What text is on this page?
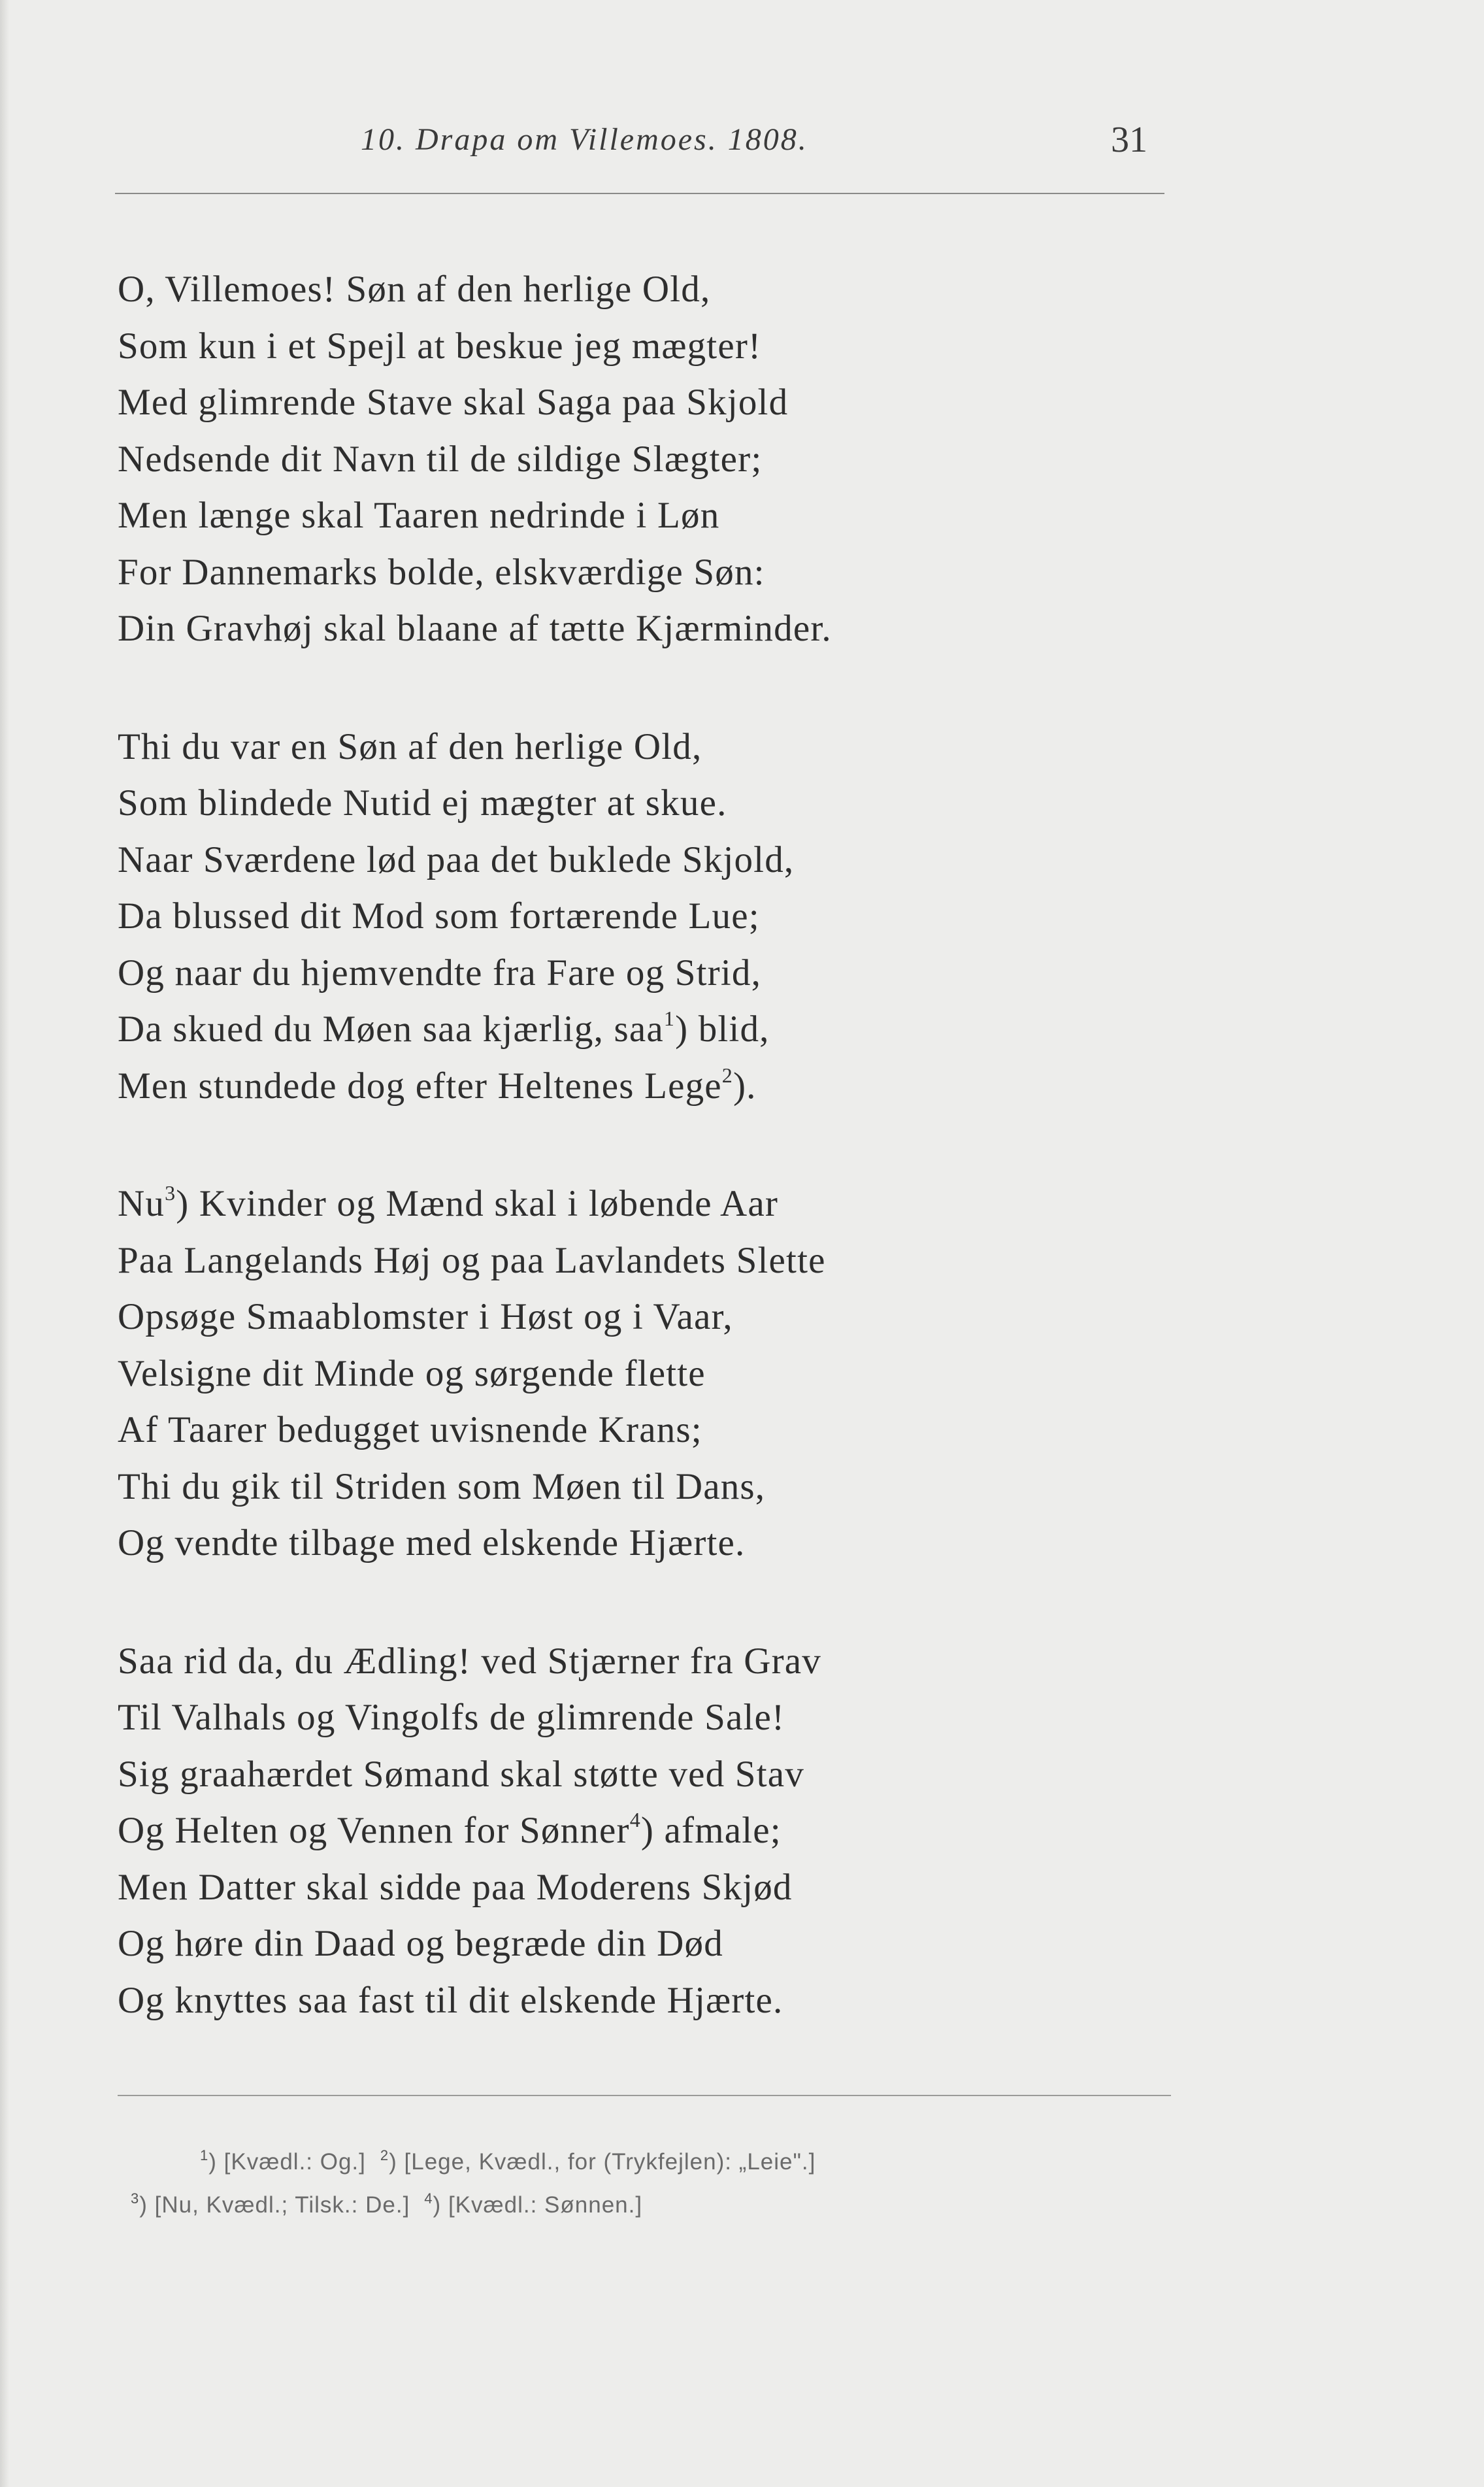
10. Drapa om Villemoes. 1808.	31
O, Villemoes! Søn af den herlige Old,
Som kun i et Spejl at beskue jeg mægter!
Med glimrende Stave skal Saga paa Skjold
Nedsende dit Navn til de sildige Slægter;
Men længe skal Taaren nedrinde i Løn
For Dannemarks bolde, elskværdige Søn:
Din Gravhøj skal blaane af tætte Kjærminder.
Thi du var en Søn af den herlige Old,
Som blindede Nutid ej mægter at skue.
Naar Sværdene lød paa det buklede Skjold,
Da blussed dit Mod som fortærende Lue;
Og naar du hjemvendte fra Fare og Strid,
Da skued du Møen saa kjærlig, saa$^1$) blid,
Men stundede dog efter Heltenes Lege$^2$).
Nu$^3$) Kvinder og Mænd skal i løbende Aar
Paa Langelands Høj og paa Lavlandets Slette
Opsøge Smaablomster i Høst og i Vaar,
Velsigne dit Minde og sørgende flette
Af Taarer bedugget uvisnende Krans;
Thi du gik til Striden som Møen til Dans,
Og vendte tilbage med elskende Hjærte.
Saa rid da, du Ædling! ved Stjærner fra Grav
Til Valhals og Vingolfs de glimrende Sale!
Sig graahærdet Sømand skal støtte ved Stav
Og Helten og Vennen for Sønner$^4$) afmale;
Men Datter skal sidde paa Moderens Skjød
Og høre din Daad og begræde din Død
Og knyttes saa fast til dit elskende Hjærte.
$^1$) [Kvædl.: Og.] $^2$) [Lege, Kvædl., for (Trykfejlen): „Leie".]
$^3$) [Nu, Kvædl.; Tilsk.: De.] $^4$) [Kvædl.: Sønnen.]
